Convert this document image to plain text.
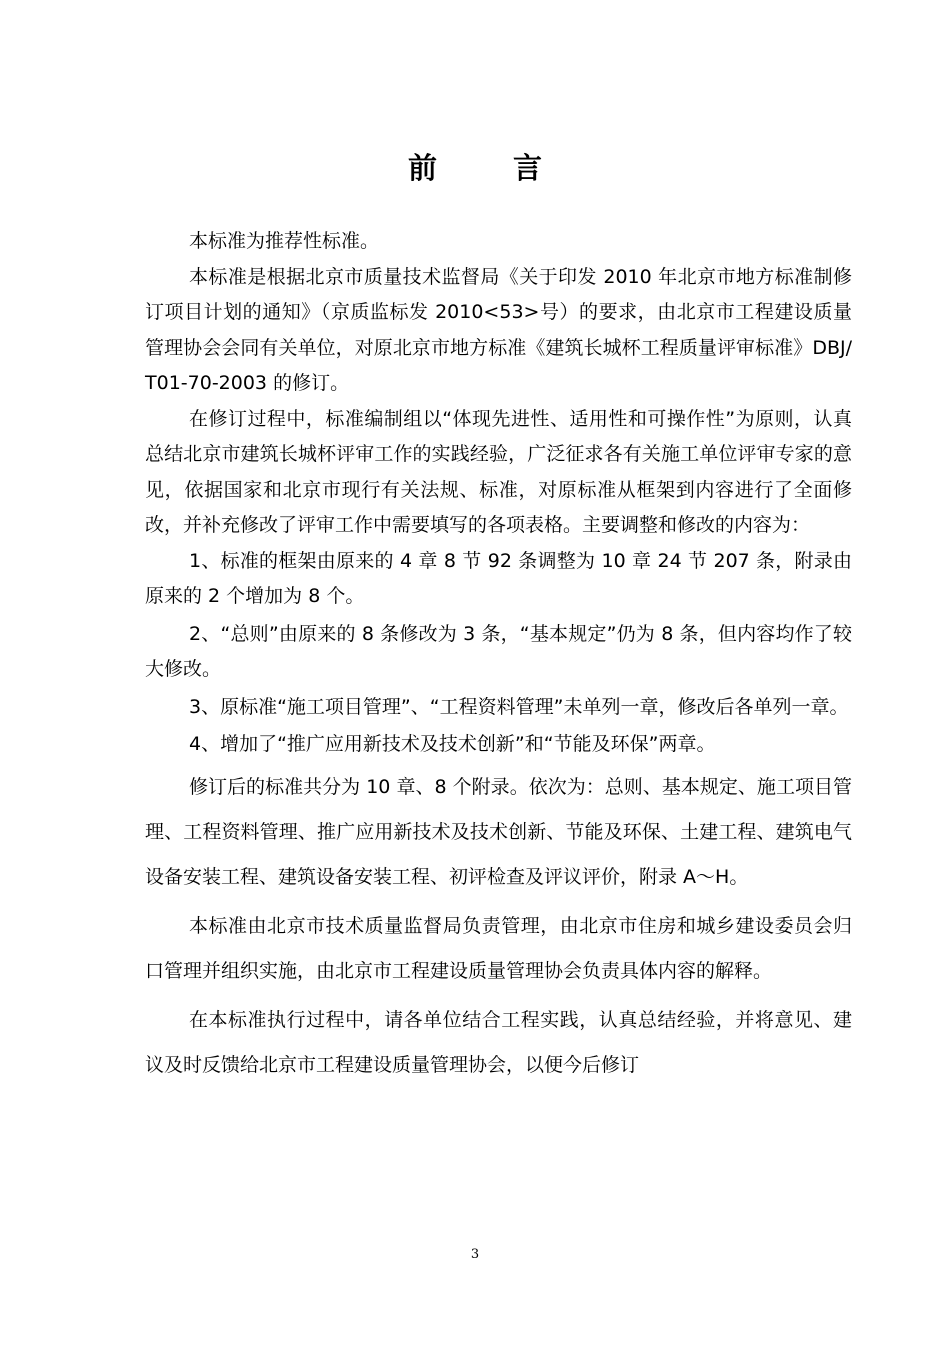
前言

本标准为推荐性标准。

本标准是根据北京市质量技术监督局《关于印发 2010 年北京市地方标准制修订项目计划的通知》（京质监标发 2010<53>号）的要求，由北京市工程建设质量管理协会会同有关单位，对原北京市地方标准《建筑长城杯工程质量评审标准》DBJ/T01-70-2003 的修订。

在修订过程中，标准编制组以“体现先进性、适用性和可操作性”为原则，认真总结北京市建筑长城杯评审工作的实践经验，广泛征求各有关施工单位评审专家的意见，依据国家和北京市现行有关法规、标准，对原标准从框架到内容进行了全面修改，并补充修改了评审工作中需要填写的各项表格。主要调整和修改的内容为：

1、标准的框架由原来的 4 章 8 节 92 条调整为 10 章 24 节 207 条，附录由原来的 2 个增加为 8 个。

2、“总则”由原来的 8 条修改为 3 条，“基本规定”仍为 8 条，但内容均作了较大修改。

3、原标准“施工项目管理”、“工程资料管理”未单列一章，修改后各单列一章。

4、增加了“推广应用新技术及技术创新”和“节能及环保”两章。

修订后的标准共分为 10 章、8 个附录。依次为：总则、基本规定、施工项目管理、工程资料管理、推广应用新技术及技术创新、节能及环保、土建工程、建筑电气设备安装工程、建筑设备安装工程、初评检查及评议评价，附录 A～H。

本标准由北京市技术质量监督局负责管理，由北京市住房和城乡建设委员会归口管理并组织实施，由北京市工程建设质量管理协会负责具体内容的解释。

在本标准执行过程中，请各单位结合工程实践，认真总结经验，并将意见、建议及时反馈给北京市工程建设质量管理协会，以便今后修订

3
